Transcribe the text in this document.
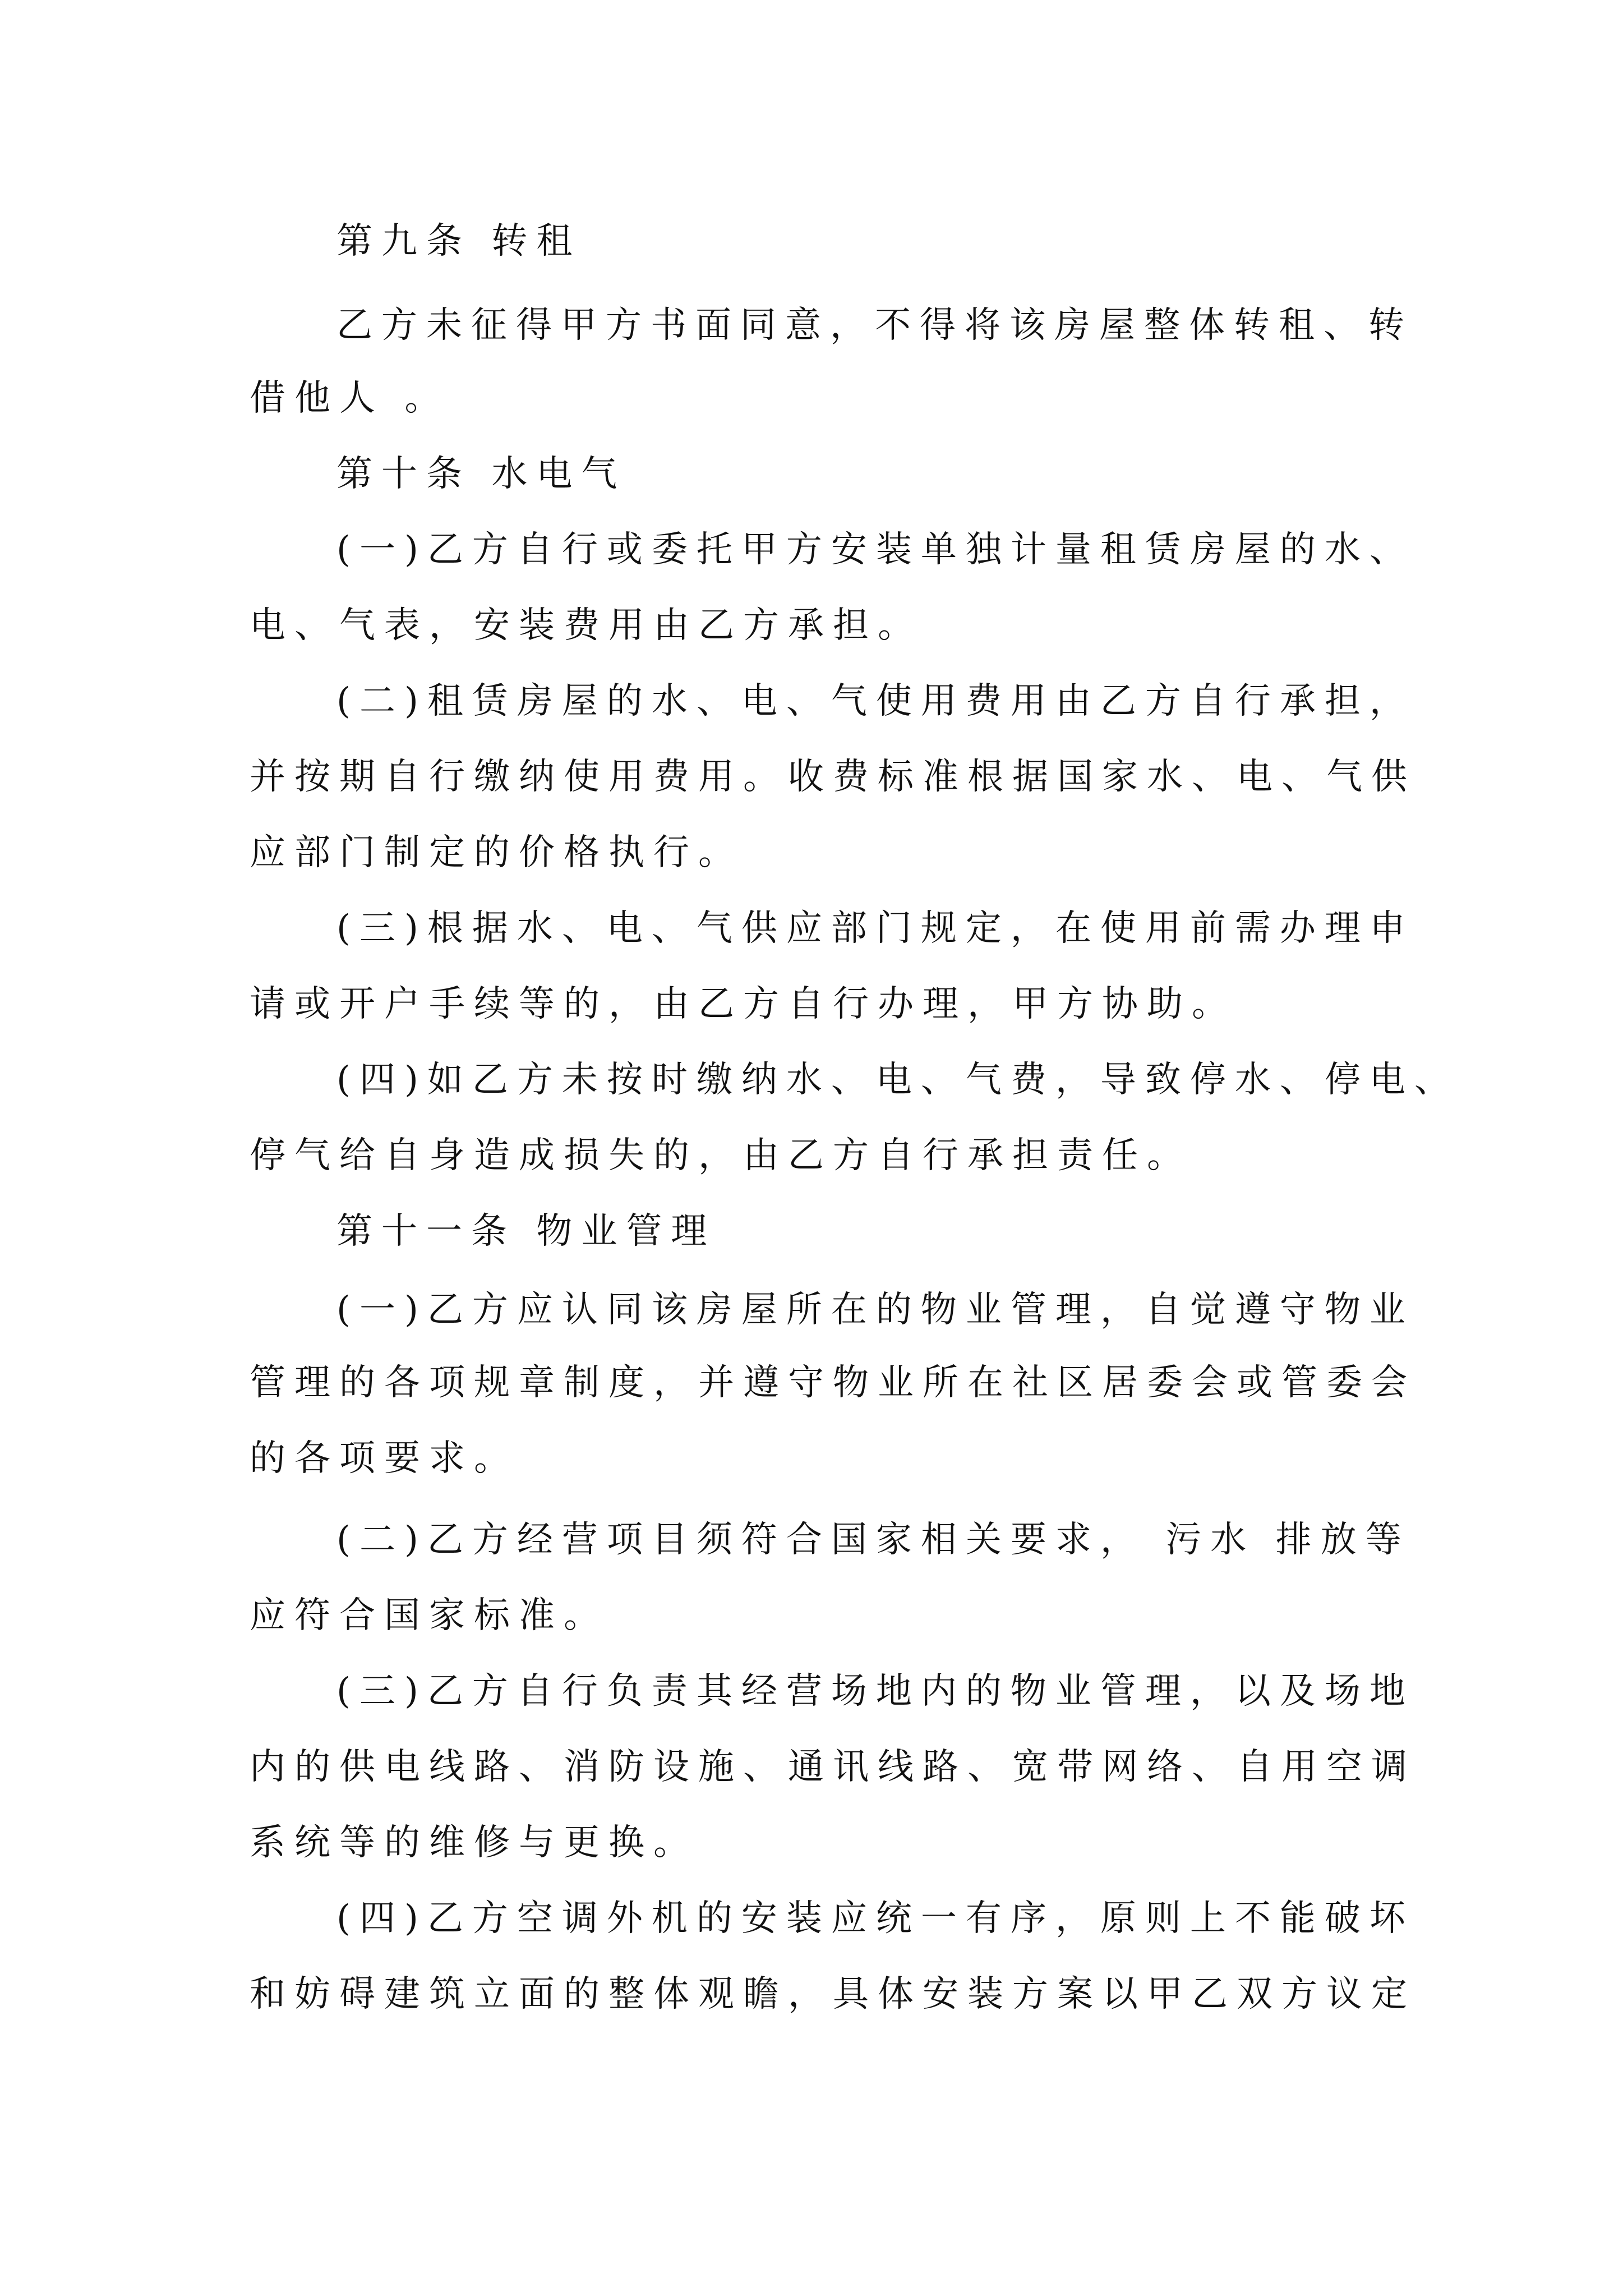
第九条 转租

乙方未征得甲方书面同意，不得将该房屋整体转租、转

借他人 。

第十条 水电气

(一)乙方自行或委托甲方安装单独计量租赁房屋的水、

电、气表，安装费用由乙方承担。

(二)租赁房屋的水、电、气使用费用由乙方自行承担，

并按期自行缴纳使用费用。收费标准根据国家水、电、气供

应部门制定的价格执行。

(三)根据水、电、气供应部门规定，在使用前需办理申

请或开户手续等的，由乙方自行办理，甲方协助。

(四)如乙方未按时缴纳水、电、气费，导致停水、停电、

停气给自身造成损失的，由乙方自行承担责任。

第十一条 物业管理

(一)乙方应认同该房屋所在的物业管理，自觉遵守物业

管理的各项规章制度，并遵守物业所在社区居委会或管委会

的各项要求。

(二)乙方经营项目须符合国家相关要求， 污水 排放等

应符合国家标准。

(三)乙方自行负责其经营场地内的物业管理，以及场地

内的供电线路、消防设施、通讯线路、宽带网络、自用空调

系统等的维修与更换。

(四)乙方空调外机的安装应统一有序，原则上不能破坏

和妨碍建筑立面的整体观瞻，具体安装方案以甲乙双方议定
